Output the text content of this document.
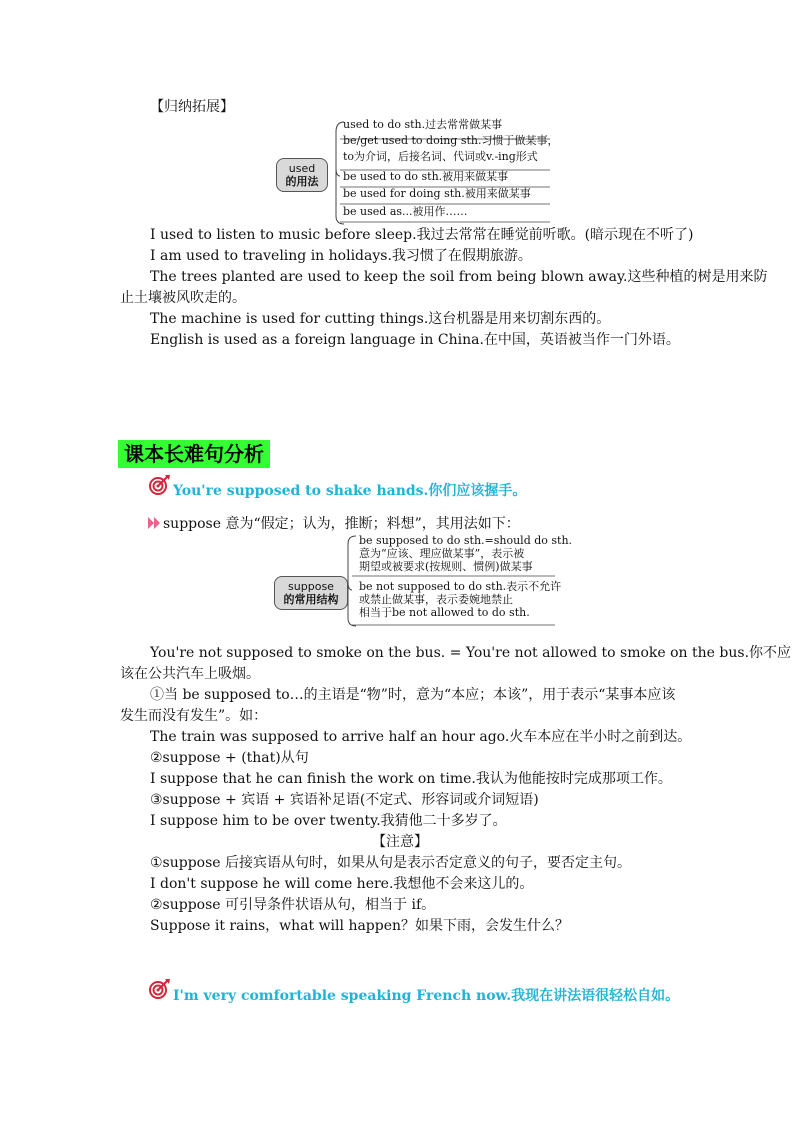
【归纳拓展】
used
的用法
used to do sth.过去常常做某事
be/get used to doing sth.习惯于做某事，
to为介词，后接名词、代词或v.-ing形式
be used to do sth.被用来做某事
be used for doing sth.被用来做某事
be used as...被用作……
I used to listen to music before sleep.我过去常常在睡觉前听歌。(暗示现在不听了)
I am used to traveling in holidays.我习惯了在假期旅游。
The trees planted are used to keep the soil from being blown away.这些种植的树是用来防
止土壤被风吹走的。
The machine is used for cutting things.这台机器是用来切割东西的。
English is used as a foreign language in China.在中国，英语被当作一门外语。
课本长难句分析
You're supposed to shake hands.你们应该握手。
suppose 意为“假定；认为，推断；料想”，其用法如下：
suppose
的常用结构
be supposed to do sth.=should do sth.
意为“应该、理应做某事”，表示被
期望或被要求(按规则、惯例)做某事
be not supposed to do sth.表示不允许
或禁止做某事，表示委婉地禁止
相当于be not allowed to do sth.
You're not supposed to smoke on the bus. = You're not allowed to smoke on the bus.你不应
该在公共汽车上吸烟。
①当 be supposed to…的主语是“物”时，意为“本应；本该”，用于表示“某事本应该
发生而没有发生”。如：
The train was supposed to arrive half an hour ago.火车本应在半小时之前到达。
②suppose + (that)从句
I suppose that he can finish the work on time.我认为他能按时完成那项工作。
③suppose + 宾语 + 宾语补足语(不定式、形容词或介词短语)
I suppose him to be over twenty.我猜他二十多岁了。
【注意】
①suppose 后接宾语从句时，如果从句是表示否定意义的句子，要否定主句。
I don't suppose he will come here.我想他不会来这儿的。
②suppose 可引导条件状语从句，相当于 if。
Suppose it rains，what will happen？如果下雨，会发生什么？
I'm very comfortable speaking French now.我现在讲法语很轻松自如。
